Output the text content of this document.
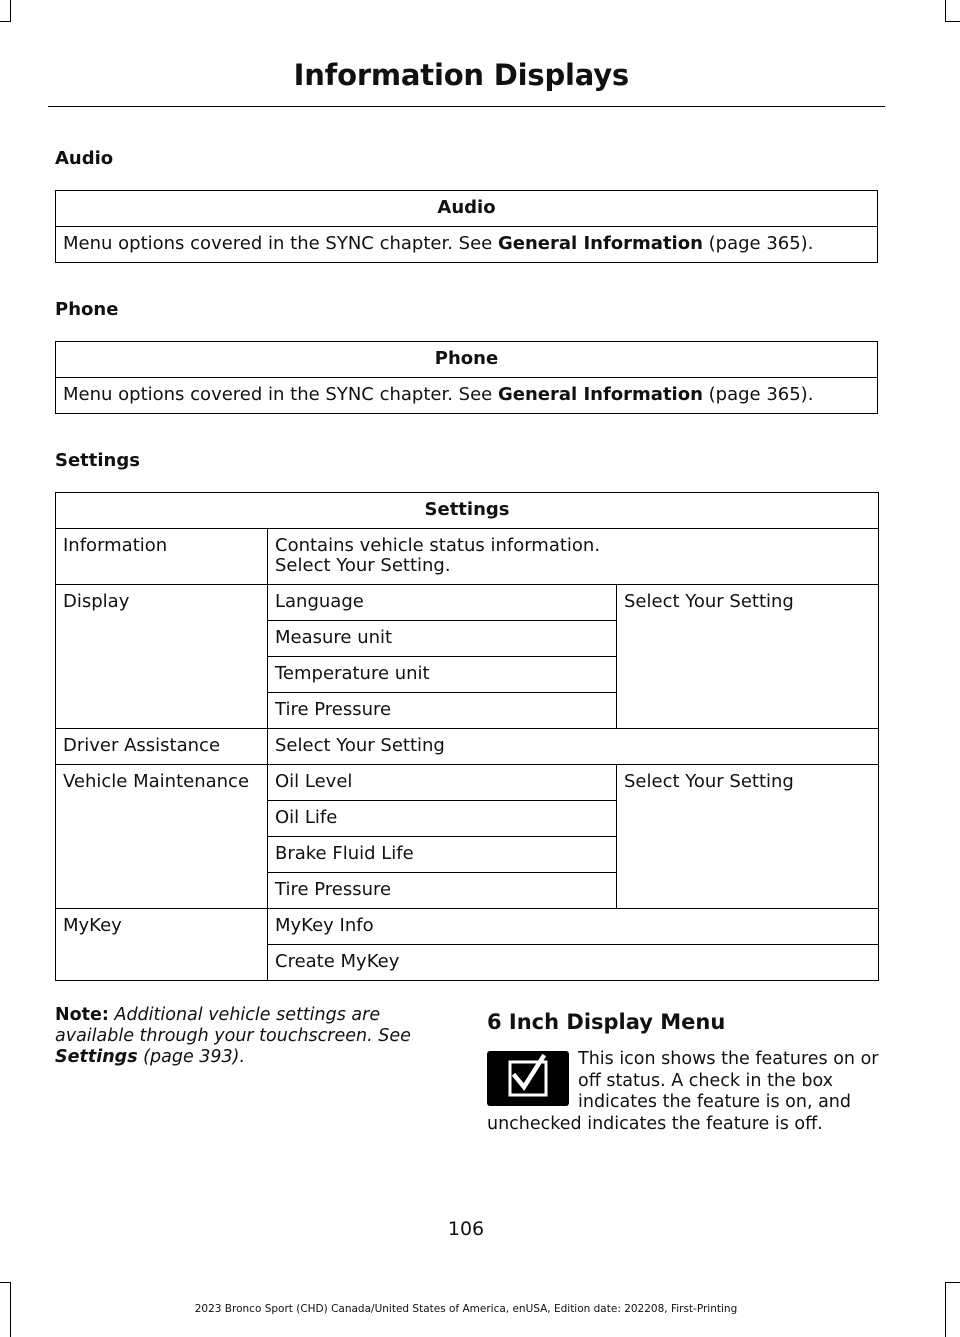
Information Displays
Audio
Audio
Menu options covered in the SYNC chapter. See General Information (page 365).
Phone
Phone
Menu options covered in the SYNC chapter. See General Information (page 365).
Settings
Settings		
Information	Contains vehicle status information.
Select Your Setting.	

Display	Language	Select Your Setting
	Measure unit	
	Temperature unit	
	Tire Pressure	
Driver Assistance	Select Your Setting	
Vehicle Maintenance	Oil Level	Select Your Setting
	Oil Life	
	Brake Fluid Life	
	Tire Pressure	
MyKey	MyKey Info	
	Create MyKey	
Note: Additional vehicle settings are available through your touchscreen. See Settings (page 393).
6 Inch Display Menu
This icon shows the features on or off status. A check in the box indicates the feature is on, and unchecked indicates the feature is off.
106
2023 Bronco Sport (CHD) Canada/United States of America, enUSA, Edition date: 202208, First-Printing
